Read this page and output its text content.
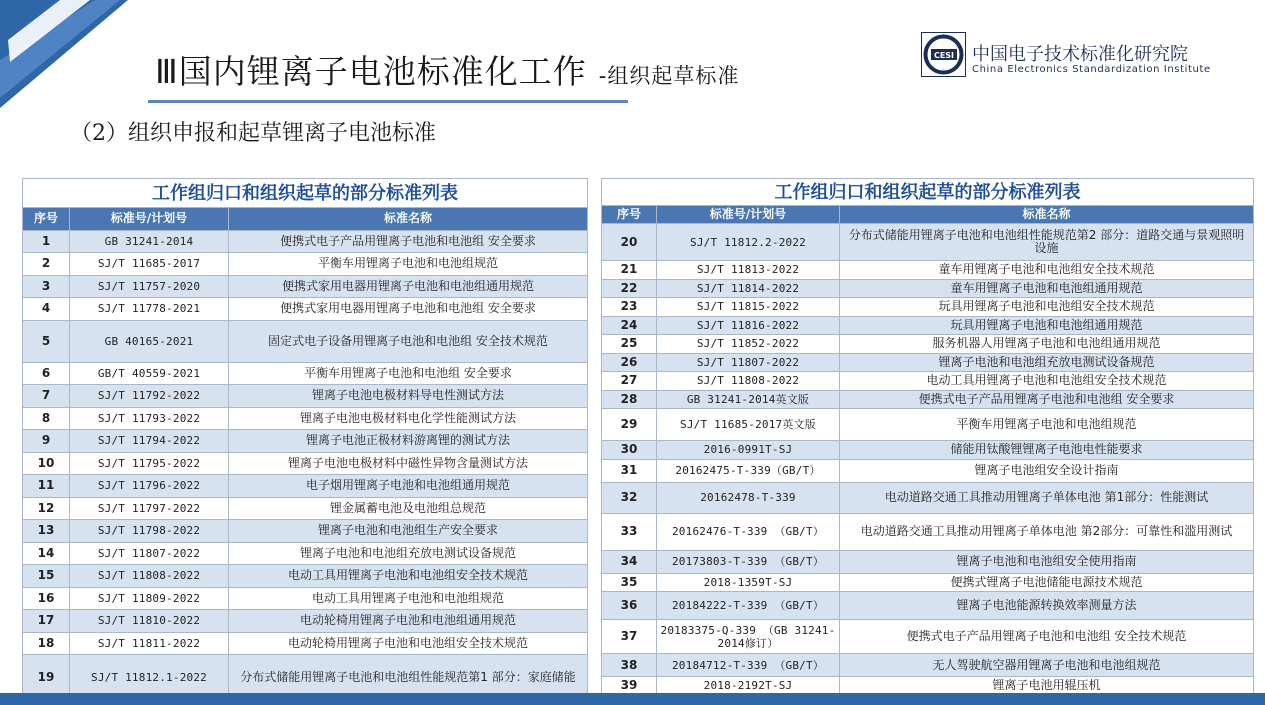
Ⅲ国内锂离子电池标准化工作 -组织起草标准
CESI 中国电子技术标准化研究院
China Electronics Standardization Institute
（2）组织申报和起草锂离子电池标准
工作组归口和组织起草的部分标准列表		
序号	标准号/计划号	标准名称
1	GB 31241-2014	便携式电子产品用锂离子电池和电池组 安全要求
2	SJ/T 11685-2017	平衡车用锂离子电池和电池组规范
3	SJ/T 11757-2020	便携式家用电器用锂离子电池和电池组通用规范
4	SJ/T 11778-2021	便携式家用电器用锂离子电池和电池组 安全要求
5	GB 40165-2021	固定式电子设备用锂离子电池和电池组 安全技术规范
6	GB/T 40559-2021	平衡车用锂离子电池和电池组 安全要求
7	SJ/T 11792-2022	锂离子电池电极材料导电性测试方法
8	SJ/T 11793-2022	锂离子电池电极材料电化学性能测试方法
9	SJ/T 11794-2022	锂离子电池正极材料游离锂的测试方法
10	SJ/T 11795-2022	锂离子电池电极材料中磁性异物含量测试方法
11	SJ/T 11796-2022	电子烟用锂离子电池和电池组通用规范
12	SJ/T 11797-2022	锂金属蓄电池及电池组总规范
13	SJ/T 11798-2022	锂离子电池和电池组生产安全要求
14	SJ/T 11807-2022	锂离子电池和电池组充放电测试设备规范
15	SJ/T 11808-2022	电动工具用锂离子电池和电池组安全技术规范
16	SJ/T 11809-2022	电动工具用锂离子电池和电池组规范
17	SJ/T 11810-2022	电动轮椅用锂离子电池和电池组通用规范
18	SJ/T 11811-2022	电动轮椅用锂离子电池和电池组安全技术规范
19	SJ/T 11812.1-2022	分布式储能用锂离子电池和电池组性能规范第1 部分：家庭储能
工作组归口和组织起草的部分标准列表		
序号	标准号/计划号	标准名称
20	SJ/T 11812.2-2022	分布式储能用锂离子电池和电池组性能规范第2 部分：道路交通与景观照明设施
21	SJ/T 11813-2022	童车用锂离子电池和电池组安全技术规范
22	SJ/T 11814-2022	童车用锂离子电池和电池组通用规范
23	SJ/T 11815-2022	玩具用锂离子电池和电池组安全技术规范
24	SJ/T 11816-2022	玩具用锂离子电池和电池组通用规范
25	SJ/T 11852-2022	服务机器人用锂离子电池和电池组通用规范
26	SJ/T 11807-2022	锂离子电池和电池组充放电测试设备规范
27	SJ/T 11808-2022	电动工具用锂离子电池和电池组安全技术规范
28	GB 31241-2014英文版	便携式电子产品用锂离子电池和电池组 安全要求
29	SJ/T 11685-2017英文版	平衡车用锂离子电池和电池组规范
30	2016-0991T-SJ	储能用钛酸锂锂离子电池电性能要求
31	20162475-T-339（GB/T）	锂离子电池组安全设计指南
32	20162478-T-339	电动道路交通工具推动用锂离子单体电池 第1部分：性能测试
33	20162476-T-339 （GB/T）	电动道路交通工具推动用锂离子单体电池 第2部分：可靠性和滥用测试
34	20173803-T-339 （GB/T）	锂离子电池和电池组安全使用指南
35	2018-1359T-SJ	便携式锂离子电池储能电源技术规范
36	20184222-T-339 （GB/T）	锂离子电池能源转换效率测量方法
37	20183375-Q-339 （GB 31241-2014修订）	便携式电子产品用锂离子电池和电池组 安全技术规范
38	20184712-T-339 （GB/T）	无人驾驶航空器用锂离子电池和电池组规范
39	2018-2192T-SJ	锂离子电池用辊压机
